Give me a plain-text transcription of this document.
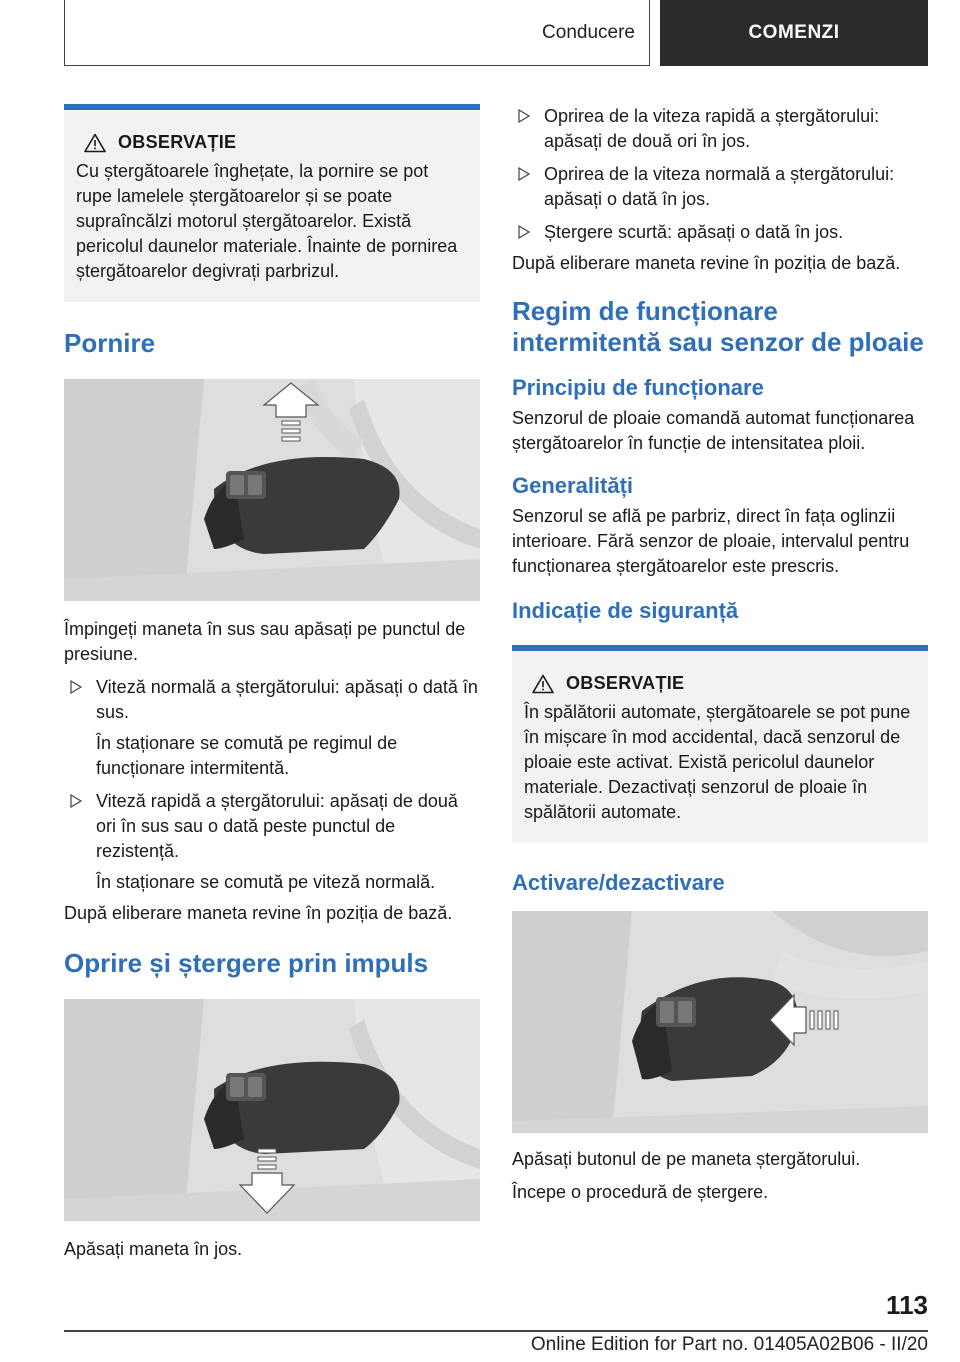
Conducere	COMENZI
OBSERVAȚIE

Cu ștergătoarele înghețate, la pornire se pot rupe lamelele ștergătoarelor și se poate supraîncălzi motorul ștergătoarelor. Există pericolul daunelor materiale. Înainte de pornirea ștergătoarelor degivrați parbrizul.

Pornire

Împingeți maneta în sus sau apăsați pe punctul de presiune.

Viteză normală a ștergătorului: apăsați o dată în sus.
În staționare se comută pe regimul de funcționare intermitentă.
Viteză rapidă a ștergătorului: apăsați de două ori în sus sau o dată peste punctul de rezistență.
În staționare se comută pe viteză normală.

După eliberare maneta revine în poziția de bază.

Oprire și ștergere prin impuls

Apăsați maneta în jos.

Oprirea de la viteza rapidă a ștergătorului: apăsați de două ori în jos.
Oprirea de la viteza normală a ștergătorului: apăsați o dată în jos.
Ștergere scurtă: apăsați o dată în jos.

După eliberare maneta revine în poziția de bază.

Regim de funcționare intermitentă sau senzor de ploaie
Principiu de funcționare

Senzorul de ploaie comandă automat funcționarea ștergătoarelor în funcție de intensitatea ploii.

Generalități

Senzorul se află pe parbriz, direct în fața oglinzii interioare. Fără senzor de ploaie, intervalul pentru funcționarea ștergătoarelor este prescris.

Indicație de siguranță
OBSERVAȚIE

În spălătorii automate, ștergătoarele se pot pune în mișcare în mod accidental, dacă senzorul de ploaie este activat. Există pericolul daunelor materiale. Dezactivați senzorul de ploaie în spălătorii automate.

Activare/dezactivare

Apăsați butonul de pe maneta ștergătorului.

Începe o procedură de ștergere.

113
Online Edition for Part no. 01405A02B06 - II/20
